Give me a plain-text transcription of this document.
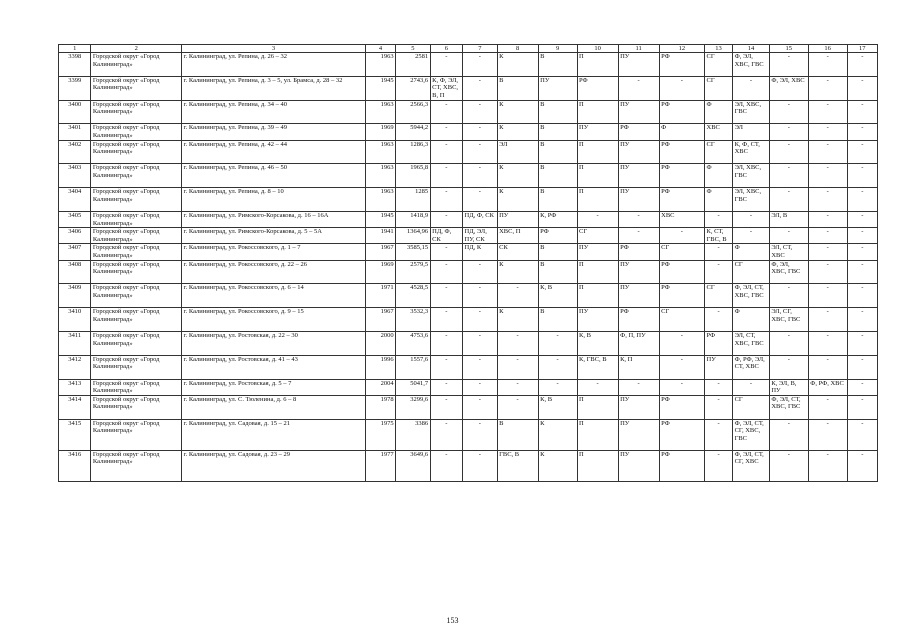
1	2	3	4	5	6	7	8	9	10	11	12	13	14	15	16	17
3398	Городской округ «Город Калининград»	г. Калининград, ул. Репина, д. 26 – 32	1963	2581	-	-	К	В	П	ПУ	РФ	СГ	Ф, ЭЛ, ХВС, ГВС	-	-	-
3399	Городской округ «Город Калининград»	г. Калининград, ул. Репина, д. 3 – 5, ул. Брамса, д. 28 – 32	1945	2743,6	К, Ф, ЭЛ, СТ, ХВС, В, П	-	В	ПУ	РФ	-	-	СГ	-	Ф, ЭЛ, ХВС	-	-
3400	Городской округ «Город Калининград»	г. Калининград, ул. Репина, д. 34 – 40	1963	2566,3	-	-	К	В	П	ПУ	РФ	Ф	ЭЛ, ХВС, ГВС	-	-	-
3401	Городской округ «Город Калининград»	г. Калининград, ул. Репина, д. 39 – 49	1969	5944,2	-	-	К	В	ПУ	РФ	Ф	ХВС	ЭЛ	-	-	-
3402	Городской округ «Город Калининград»	г. Калининград, ул. Репина, д. 42 – 44	1963	1286,3	-	-	ЭЛ	В	П	ПУ	РФ	СГ	К, Ф, СТ, ХВС	-	-	-
3403	Городской округ «Город Калининград»	г. Калининград, ул. Репина, д. 46 – 50	1963	1965,8	-	-	К	В	П	ПУ	РФ	Ф	ЭЛ, ХВС, ГВС	-	-	-
3404	Городской округ «Город Калининград»	г. Калининград, ул. Репина, д. 8 – 10	1963	1285	-	-	К	В	П	ПУ	РФ	Ф	ЭЛ, ХВС, ГВС	-	-	-
3405	Городской округ «Город Калининград»	г. Калининград, ул. Римского-Корсакова, д. 16 – 16А	1945	1418,9	-	ПД, Ф, СК	ПУ	К, РФ	-	-	ХВС	-	-	ЭЛ, В	-	-
3406	Городской округ «Город Калининград»	г. Калининград, ул. Римского-Корсакова, д. 5 – 5А	1941	1364,96	ПД, Ф, СК	ПД, ЭЛ, ПУ, СК	ХВС, П	РФ	СГ	-	-	К, СТ, ГВС, В	-	-	-	-
3407	Городской округ «Город Калининград»	г. Калининград, ул. Рокоссовского, д. 1 – 7	1967	3585,15	-	ПД, К	СК	В	ПУ	РФ	СГ	-	Ф	ЭЛ, СТ, ХВС	-	-
3408	Городской округ «Город Калининград»	г. Калининград, ул. Рокоссовского, д. 22 – 26	1969	2579,5	-	-	К	В	П	ПУ	РФ	-	СГ	Ф, ЭЛ, ХВС, ГВС	-	-
3409	Городской округ «Город Калининград»	г. Калининград, ул. Рокоссовского, д. 6 – 14	1971	4528,5	-	-	-	К, В	П	ПУ	РФ	СГ	Ф, ЭЛ, СТ, ХВС, ГВС	-	-	-
3410	Городской округ «Город Калининград»	г. Калининград, ул. Рокоссовского, д. 9 – 15	1967	3532,3	-	-	К	В	ПУ	РФ	СГ	-	Ф	ЭЛ, СГ, ХВС, ГВС	-	-
3411	Городской округ «Город Калининград»	г. Калининград, ул. Ростовская, д. 22 – 30	2000	4753,6	-	-	-	-	К, В	Ф, П, ПУ	-	РФ	ЭЛ, СТ, ХВС, ГВС	-	-	-
3412	Городской округ «Город Калининград»	г. Калининград, ул. Ростовская, д. 41 – 43	1996	1557,6	-	-	-	-	К, ГВС, В	К, П	-	ПУ	Ф, РФ, ЭЛ, СТ, ХВС	-	-	-
3413	Городской округ «Город Калининград»	г. Калининград, ул. Ростовская, д. 5 – 7	2004	5041,7	-	-	-	-	-	-	-	-	-	К, ЭЛ, В, ПУ	Ф, РФ, ХВС	-
3414	Городской округ «Город Калининград»	г. Калининград, ул. С. Тюленина, д. 6 – 8	1978	3299,6	-	-	-	К, В	П	ПУ	РФ	-	СГ	Ф, ЭЛ, СТ, ХВС, ГВС	-	-
3415	Городской округ «Город Калининград»	г. Калининград, ул. Садовая, д. 15 – 21	1975	3386	-	-	В	К	П	ПУ	РФ	-	Ф, ЭЛ, СТ, СГ, ХВС, ГВС	-	-	-
3416	Городской округ «Город Калининград»	г. Калининград, ул. Садовая, д. 23 – 29	1977	3649,6	-	-	ГВС, В	К	П	ПУ	РФ	-	Ф, ЭЛ, СТ, СГ, ХВС	-	-	-
153
